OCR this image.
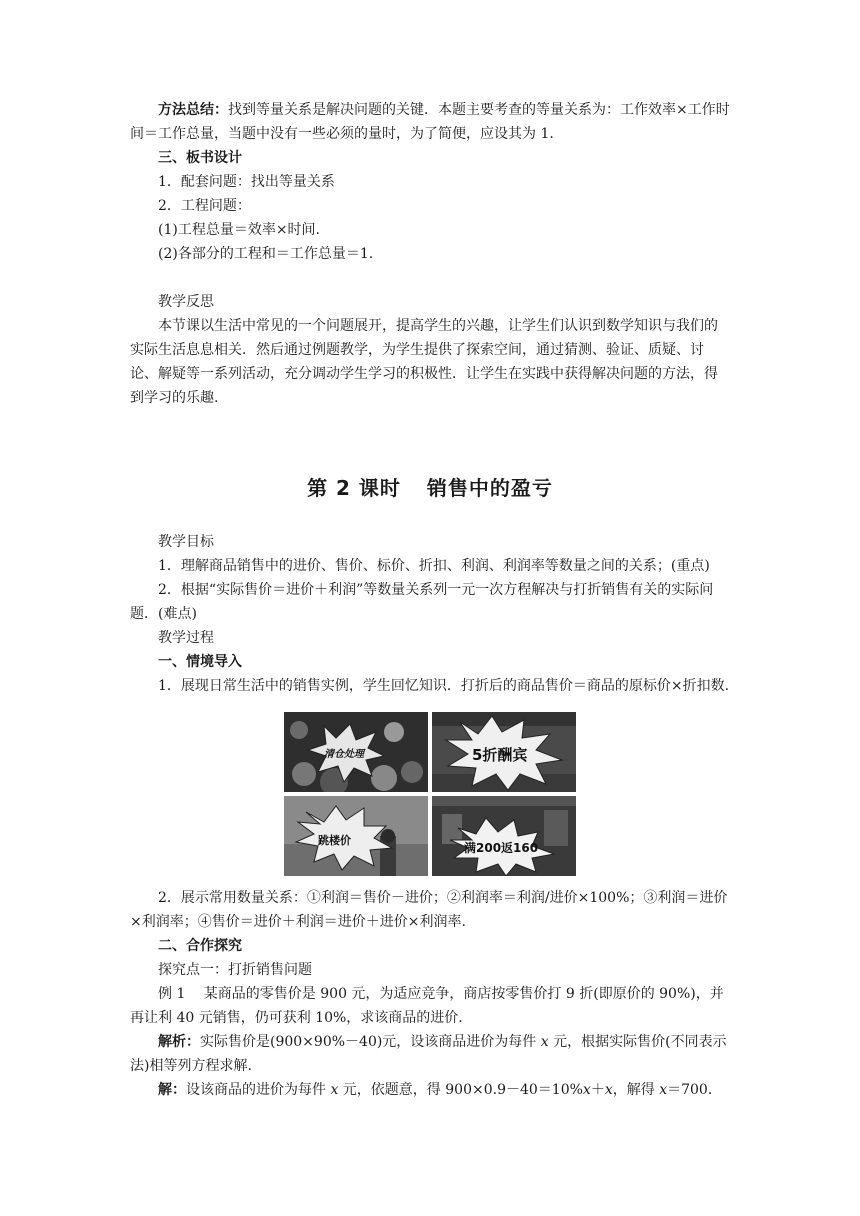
方法总结：找到等量关系是解决问题的关键．本题主要考查的等量关系为：工作效率×工作时间＝工作总量，当题中没有一些必须的量时，为了简便，应设其为 1.

三、板书设计

1．配套问题：找出等量关系

2．工程问题：

(1)工程总量＝效率×时间.

(2)各部分的工程和＝工作总量＝1.

教学反思

本节课以生活中常见的一个问题展开，提高学生的兴趣，让学生们认识到数学知识与我们的实际生活息息相关．然后通过例题教学，为学生提供了探索空间，通过猜测、验证、质疑、讨论、解疑等一系列活动，充分调动学生学习的积极性．让学生在实践中获得解决问题的方法，得到学习的乐趣.

第 2 课时 销售中的盈亏

教学目标

1．理解商品销售中的进价、售价、标价、折扣、利润、利润率等数量之间的关系；(重点)

2．根据“实际售价＝进价＋利润”等数量关系列一元一次方程解决与打折销售有关的实际问题．(难点)

教学过程

一、情境导入

1．展现日常生活中的销售实例，学生回忆知识．打折后的商品售价＝商品的原标价×折扣数.

清仓处理	5折酬宾
跳楼价
满200返160

2．展示常用数量关系：①利润＝售价－进价；②利润率＝利润/进价×100%；③利润＝进价×利润率；④售价＝进价＋利润＝进价＋进价×利润率.

二、合作探究

探究点一：打折销售问题

例 1　 某商品的零售价是 900 元，为适应竞争，商店按零售价打 9 折(即原价的 90%)，并再让利 40 元销售，仍可获利 10%，求该商品的进价.

解析：实际售价是(900×90%－40)元，设该商品进价为每件 x 元，根据实际售价(不同表示法)相等列方程求解.

解：设该商品的进价为每件 x 元，依题意，得 900×0.9－40＝10%x＋x，解得 x＝700.
